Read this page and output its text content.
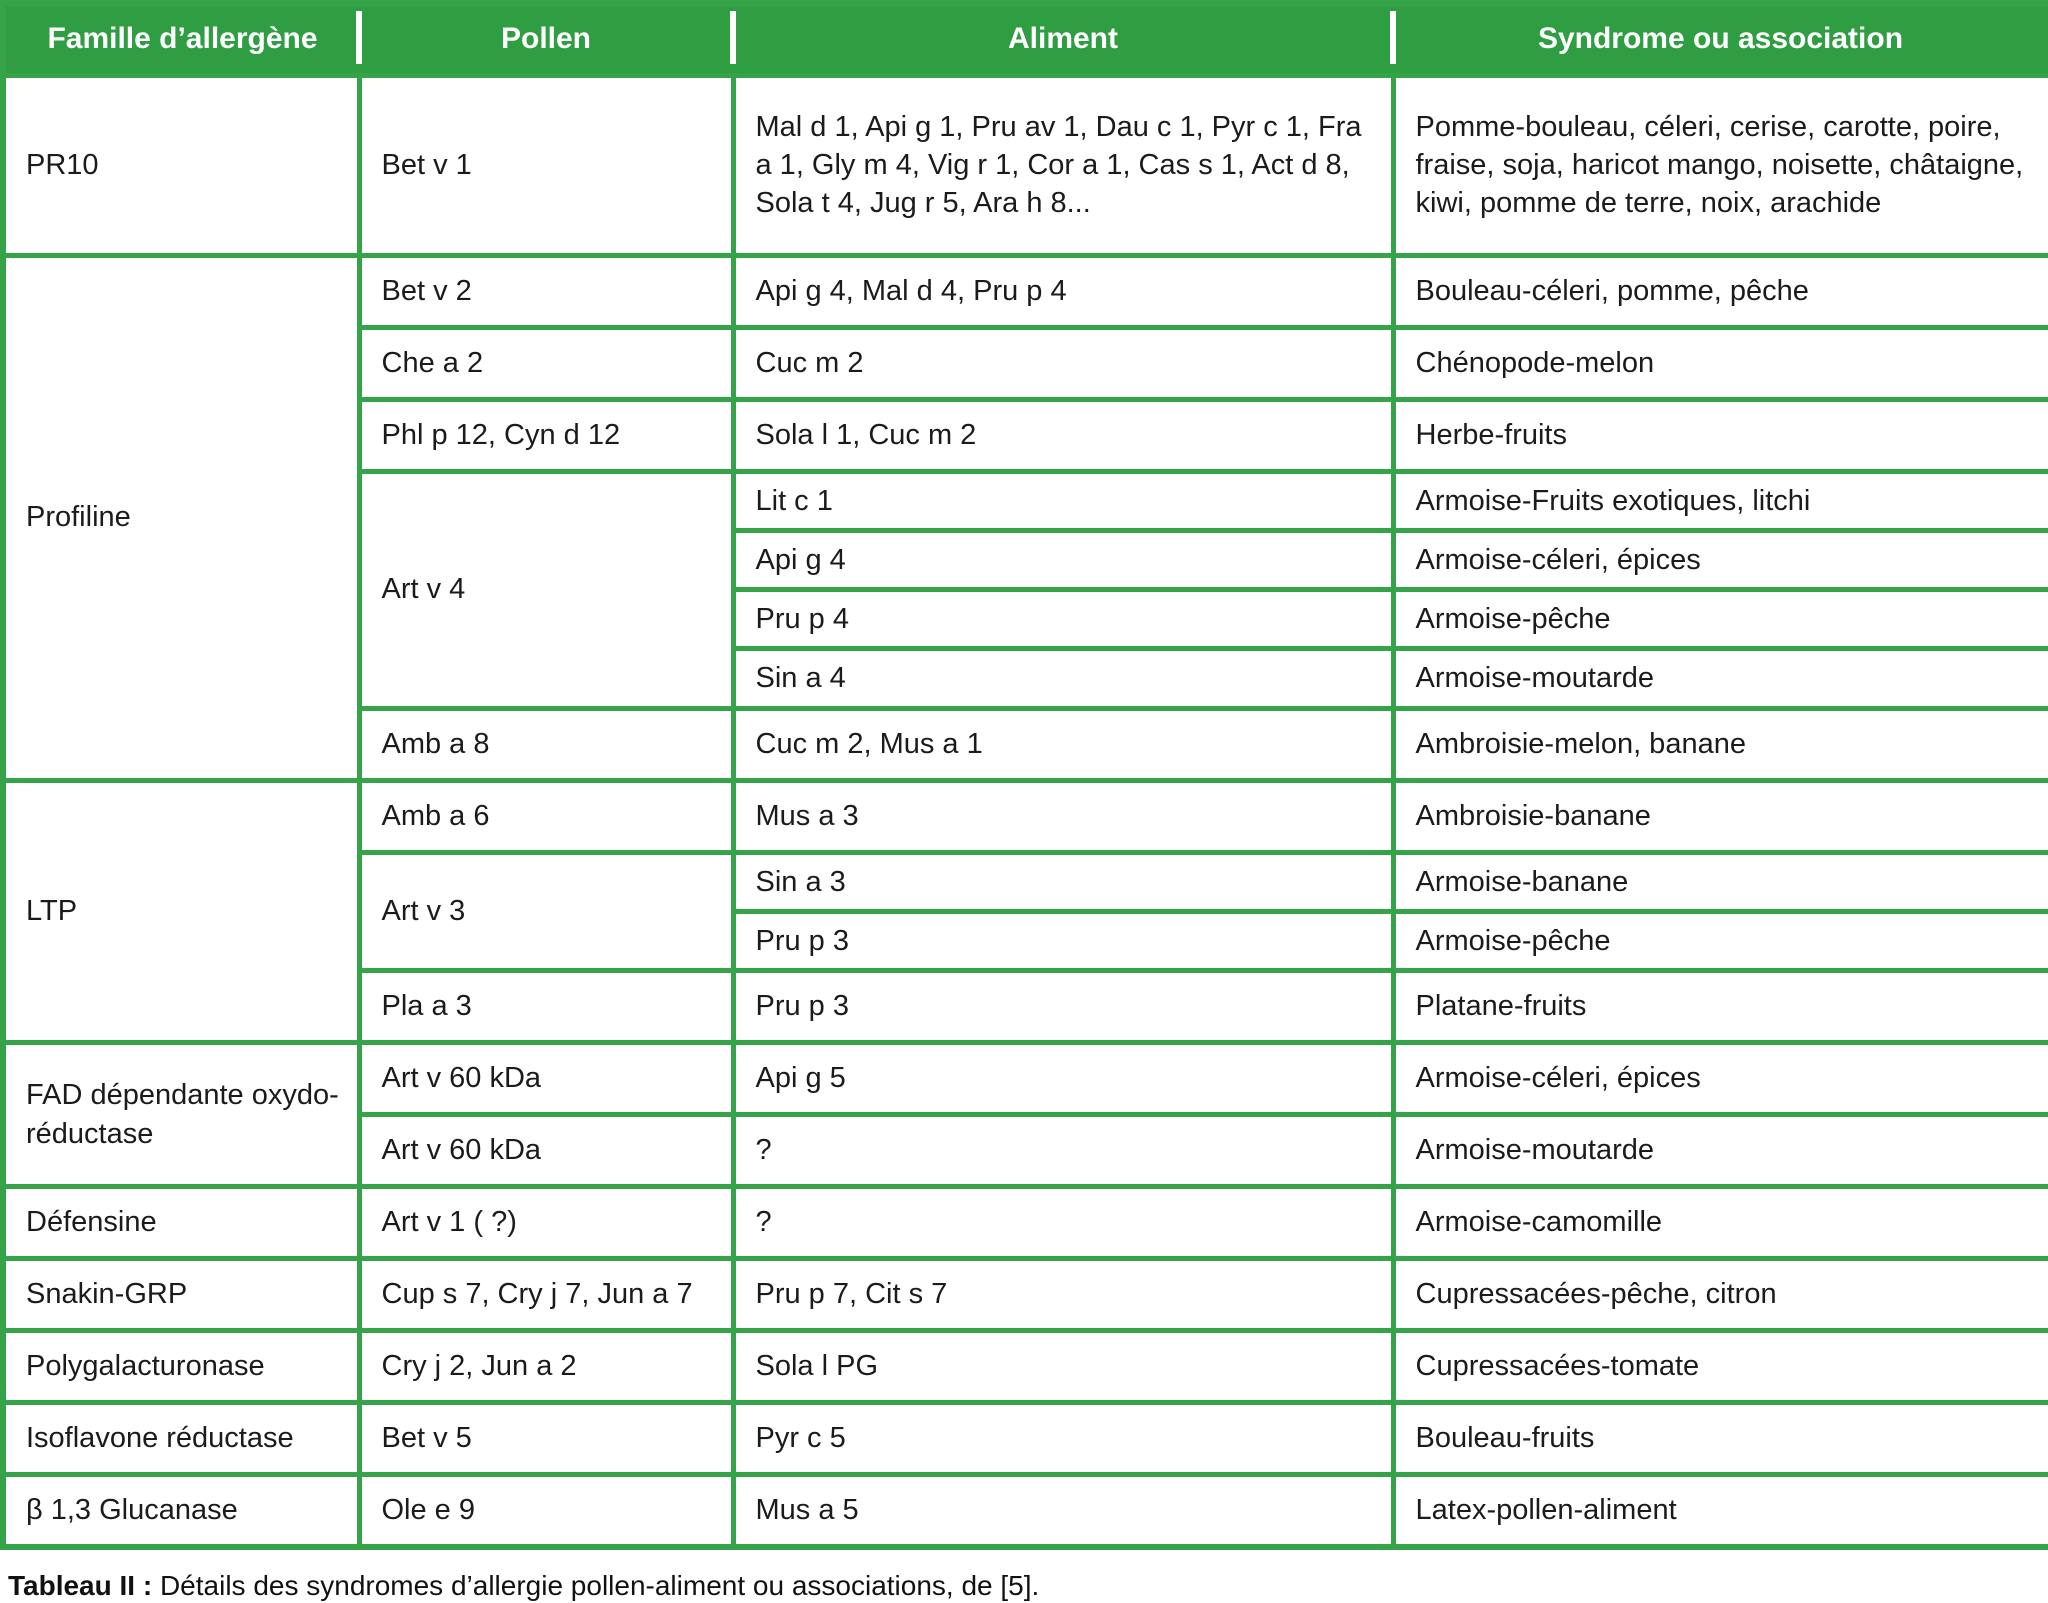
Famille d’allergène	Pollen	Aliment	Syndrome ou association
PR10	Bet v 1	Mal d 1, Api g 1, Pru av 1, Dau c 1, Pyr c 1, Fra a 1, Gly m 4, Vig r 1, Cor a 1, Cas s 1, Act d 8, Sola t 4, Jug r 5, Ara h 8...	Pomme-bouleau, céleri, cerise, carotte, poire, fraise, soja, haricot mango, noisette, châtaigne, kiwi, pomme de terre, noix, arachide
Profiline	Bet v 2	Api g 4, Mal d 4, Pru p 4	Bouleau-céleri, pomme, pêche
	Che a 2	Cuc m 2	Chénopode-melon
	Phl p 12, Cyn d 12	Sola l 1, Cuc m 2	Herbe-fruits
	Art v 4	Lit c 1	Armoise-Fruits exotiques, litchi
		Api g 4	Armoise-céleri, épices
		Pru p 4	Armoise-pêche
		Sin a 4	Armoise-moutarde
	Amb a 8	Cuc m 2, Mus a 1	Ambroisie-melon, banane
LTP	Amb a 6	Mus a 3	Ambroisie-banane
	Art v 3	Sin a 3	Armoise-banane
		Pru p 3	Armoise-pêche
	Pla a 3	Pru p 3	Platane-fruits
FAD dépendante oxydo-réductase	Art v 60 kDa	Api g 5	Armoise-céleri, épices
	Art v 60 kDa	?	Armoise-moutarde
Défensine	Art v 1 ( ?)	?	Armoise-camomille
Snakin-GRP	Cup s 7, Cry j 7, Jun a 7	Pru p 7, Cit s 7	Cupressacées-pêche, citron
Polygalacturonase	Cry j 2, Jun a 2	Sola l PG	Cupressacées-tomate
Isoflavone réductase	Bet v 5	Pyr c 5	Bouleau-fruits
β 1,3 Glucanase	Ole e 9	Mus a 5	Latex-pollen-aliment

Tableau II : Détails des syndromes d’allergie pollen-aliment ou associations, de [5].
